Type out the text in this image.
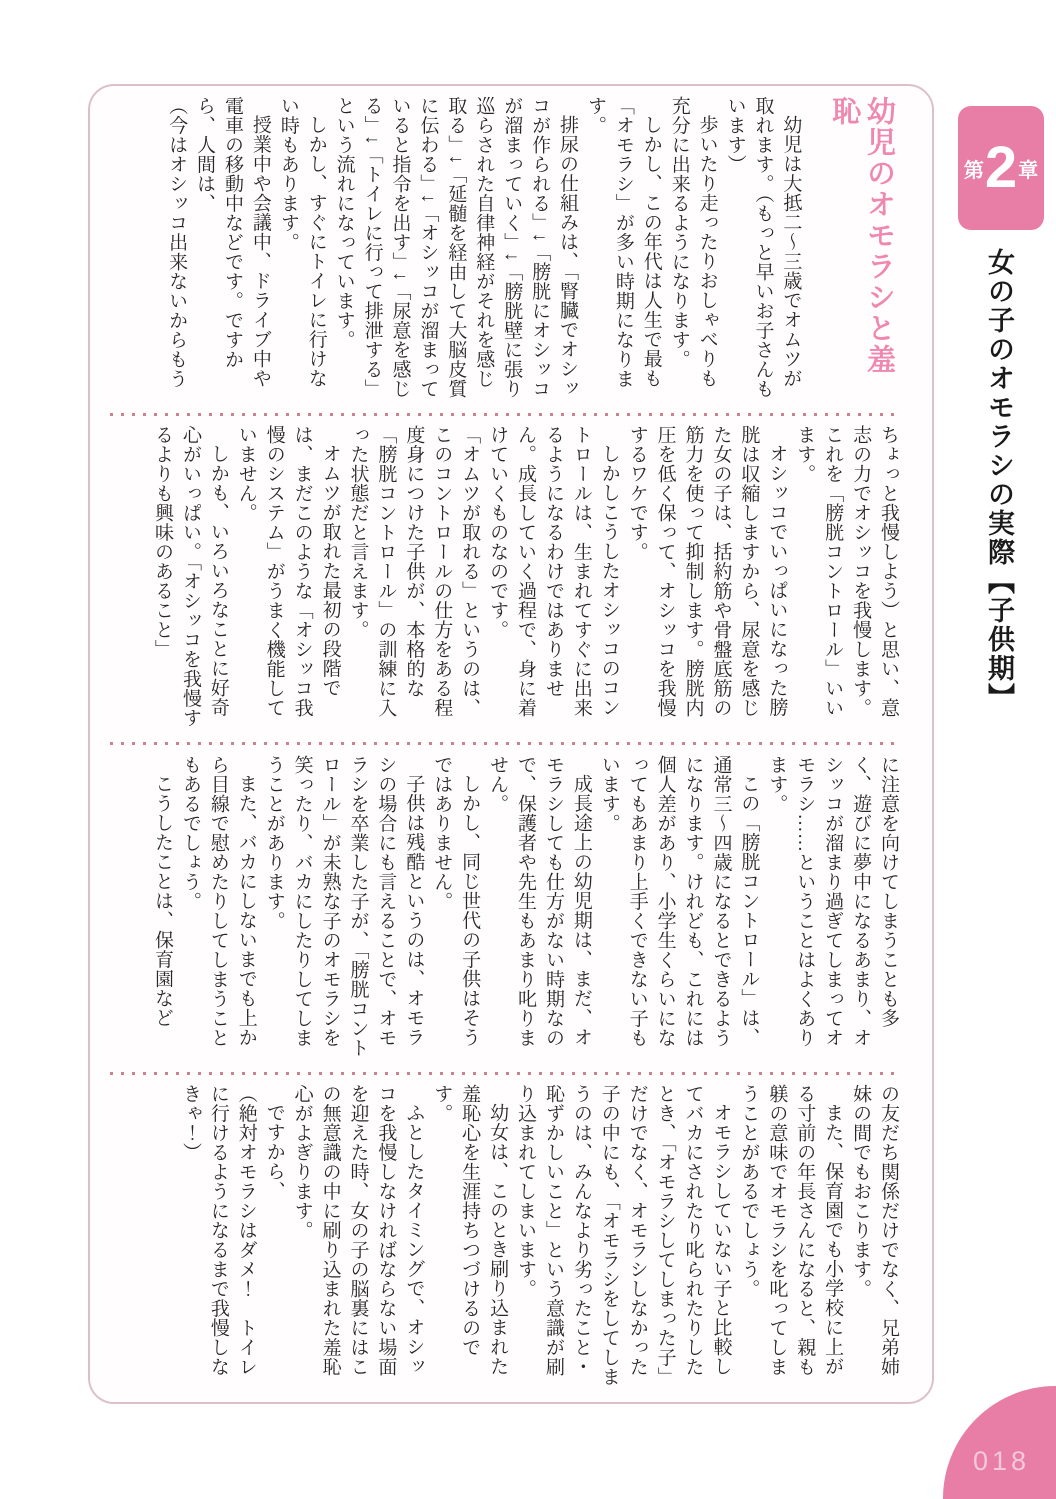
第 2 章
女の子のオモラシの実際【子供期】
幼児のオモラシと羞恥

幼児は大抵二〜三歳でオムツが取れます。（もっと早いお子さんもいます）

歩いたり走ったりおしゃべりも充分に出来るようになります。

しかし、この年代は人生で最も「オモラシ」が多い時期になります。

排尿の仕組みは、「腎臓でオシッコが作られる」↓「膀胱にオシッコが溜まっていく」↓「膀胱壁に張り巡らされた自律神経がそれを感じ取る」↓「延髄を経由して大脳皮質に伝わる」↓「オシッコが溜まっていると指令を出す」↓「尿意を感じる」↓「トイレに行って排泄する」という流れになっています。

しかし、すぐにトイレに行けない時もあります。

授業中や会議中、ドライブ中や電車の移動中などです。ですから、人間は、

（今はオシッコ出来ないからもう

ちょっと我慢しよう）と思い、意志の力でオシッコを我慢します。これを「膀胱コントロール」いいます。

オシッコでいっぱいになった膀胱は収縮しますから、尿意を感じた女の子は、括約筋や骨盤底筋の筋力を使って抑制します。膀胱内圧を低く保って、オシッコを我慢するワケです。

しかしこうしたオシッコのコントロールは、生まれてすぐに出来るようになるわけではありません。成長していく過程で、身に着けていくものなのです。

「オムツが取れる」というのは、このコントロールの仕方をある程度身につけた子供が、本格的な「膀胱コントロール」の訓練に入った状態だと言えます。

オムツが取れた最初の段階では、まだこのような「オシッコ我慢のシステム」がうまく機能していません。

しかも、いろいろなことに好奇心がいっぱい。「オシッコを我慢するよりも興味のあること」

に注意を向けてしまうことも多く、遊びに夢中になるあまり、オシッコが溜まり過ぎてしまってオモラシ……ということはよくあります。

この「膀胱コントロール」は、通常三〜四歳になるとできるようになります。けれども、これには個人差があり、小学生くらいになってもあまり上手くできない子もいます。

成長途上の幼児期は、まだ、オモラシしても仕方がない時期なので、保護者や先生もあまり叱りません。

しかし、同じ世代の子供はそうではありません。

子供は残酷というのは、オモラシの場合にも言えることで、オモラシを卒業した子が、「膀胱コントロール」が未熟な子のオモラシを笑ったり、バカにしたりしてしまうことがあります。

また、バカにしないまでも上から目線で慰めたりしてしまうこともあるでしょう。

こうしたことは、保育園など

の友だち関係だけでなく、兄弟姉妹の間でもおこります。

また、保育園でも小学校に上がる寸前の年長さんになると、親も躾の意味でオモラシを叱ってしまうことがあるでしょう。

オモラシしていない子と比較してバカにされたり叱られたりしたとき、「オモラシしてしまった子」だけでなく、オモラシしなかった子の中にも、「オモラシをしてしまうのは、みんなより劣ったこと・恥ずかしいこと」という意識が刷り込まれてしまいます。

幼女は、このとき刷り込まれた羞恥心を生涯持ちつづけるのです。

ふとしたタイミングで、オシッコを我慢しなければならない場面を迎えた時、女の子の脳裏にはこの無意識の中に刷り込まれた羞恥心がよぎります。

ですから、

（絶対オモラシはダメ！　トイレに行けるようになるまで我慢しなきゃ！）

018
